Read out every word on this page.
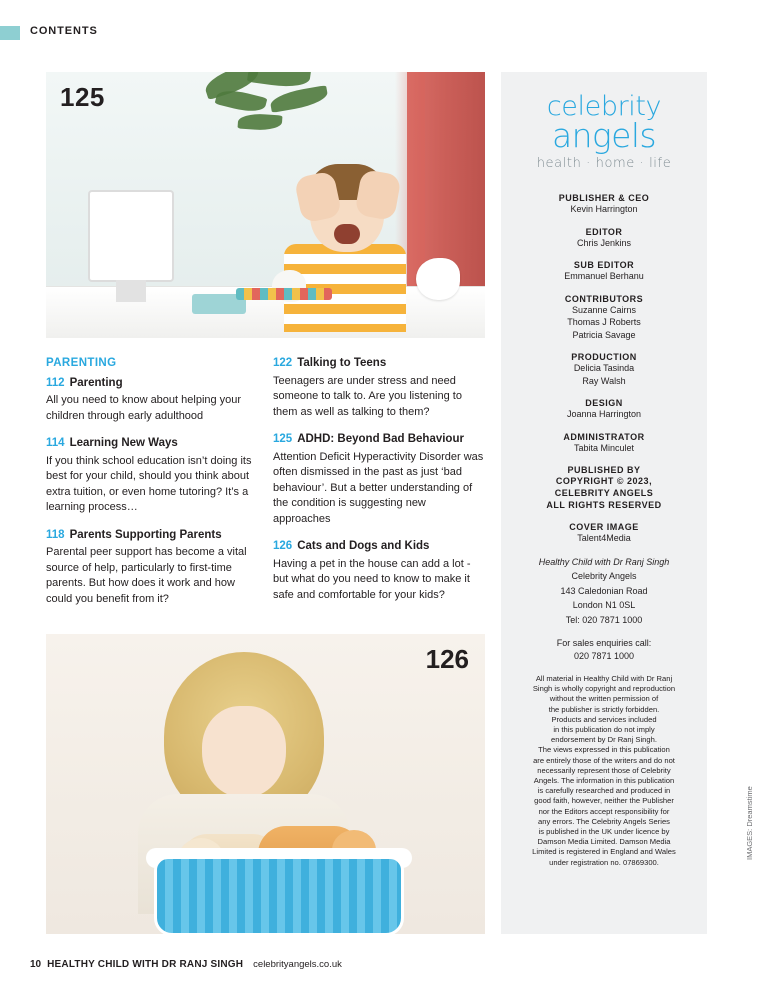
CONTENTS
125
PARENTING
112 Parenting
All you need to know about helping your children through early adulthood
114 Learning New Ways
If you think school education isn’t doing its best for your child, should you think about extra tuition, or even home tutoring? It’s a learning process…
118 Parents Supporting Parents
Parental peer support has become a vital source of help, particularly to first-time parents. But how does it work and how could you benefit from it?
122 Talking to Teens
Teenagers are under stress and need someone to talk to. Are you listening to them as well as talking to them?
125 ADHD: Beyond Bad Behaviour
Attention Deficit Hyperactivity Disorder was often dismissed in the past as just ‘bad behaviour’. But a better understanding of the condition is suggesting new approaches
126 Cats and Dogs and Kids
Having a pet in the house can add a lot - but what do you need to know to make it safe and comfortable for your kids?
126
celebrity
angels
health · home · life
PUBLISHER & CEO
Kevin Harrington
EDITOR
Chris Jenkins
SUB EDITOR
Emmanuel Berhanu
CONTRIBUTORS
Suzanne Cairns
Thomas J Roberts
Patricia Savage
PRODUCTION
Delicia Tasinda
Ray Walsh
DESIGN
Joanna Harrington
ADMINISTRATOR
Tabita Minculet
PUBLISHED BY
COPYRIGHT © 2023,
CELEBRITY ANGELS
ALL RIGHTS RESERVED
COVER IMAGE
Talent4Media
Healthy Child with Dr Ranj Singh
Celebrity Angels
143 Caledonian Road
London N1 0SL
Tel: 020 7871 1000
For sales enquiries call:
020 7871 1000
All material in Healthy Child with Dr Ranj
Singh is wholly copyright and reproduction
without the written permission of
the publisher is strictly forbidden.
Products and services included
in this publication do not imply
endorsement by Dr Ranj Singh.
The views expressed in this publication
are entirely those of the writers and do not
necessarily represent those of Celebrity
Angels. The information in this publication
is carefully researched and produced in
good faith, however, neither the Publisher
nor the Editors accept responsibility for
any errors. The Celebrity Angels Series
is published in the UK under licence by
Damson Media Limited. Damson Media
Limited is registered in England and Wales
under registration no. 07869300.
IMAGES: Dreamstime
10 HEALTHY CHILD WITH DR RANJ SINGH celebrityangels.co.uk
